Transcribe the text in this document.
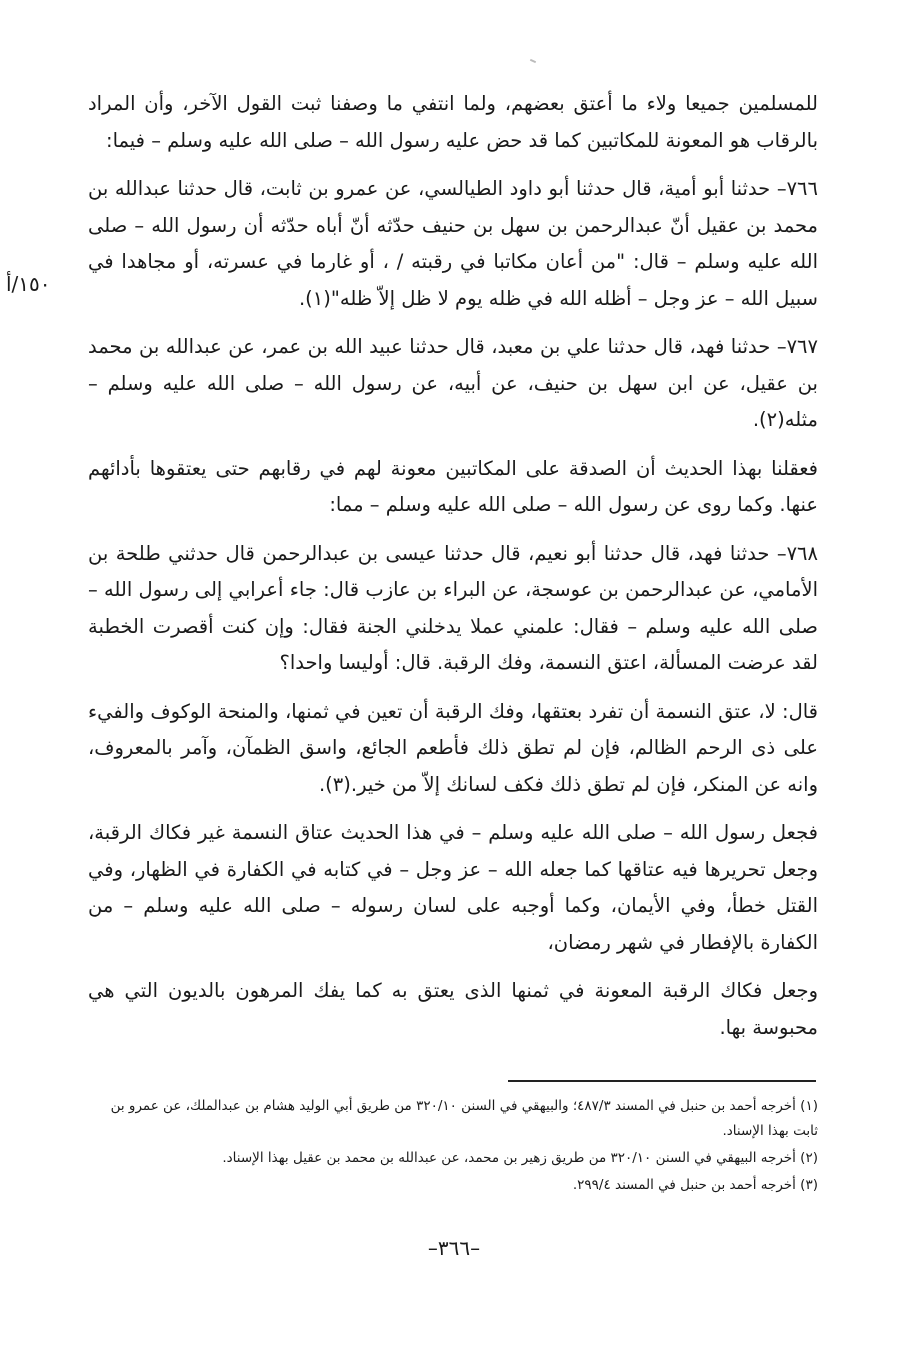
للمسلمين جميعا ولاء ما أعتق بعضهم، ولما انتفي ما وصفنا ثبت القول الآخر، وأن المراد بالرقاب هو المعونة للمكاتبين كما قد حض عليه رسول الله – صلى الله عليه وسلم – فيما:

٧٦٦– حدثنا أبو أمية، قال حدثنا أبو داود الطيالسي، عن عمرو بن ثابت، قال حدثنا عبدالله بن محمد بن عقيل أنّ عبدالرحمن بن سهل بن حنيف حدّثه أنّ أباه حدّثه أن رسول الله – صلى الله عليه وسلم – قال: "من أعان مكاتبا في رقبته / ، أو غارما في عسرته، أو مجاهدا في سبيل الله – عز وجل – أظله الله في ظله يوم لا ظل إلاّ ظله"(١).

٧٦٧– حدثنا فهد، قال حدثنا علي بن معبد، قال حدثنا عبيد الله بن عمر، عن عبدالله بن محمد بن عقيل، عن ابن سهل بن حنيف، عن أبيه، عن رسول الله – صلى الله عليه وسلم – مثله(٢).

فعقلنا بهذا الحديث أن الصدقة على المكاتبين معونة لهم في رقابهم حتى يعتقوها بأدائهم عنها. وكما روى عن رسول الله – صلى الله عليه وسلم – مما:

٧٦٨– حدثنا فهد، قال حدثنا أبو نعيم، قال حدثنا عيسى بن عبدالرحمن قال حدثني طلحة بن الأمامي، عن عبدالرحمن بن عوسجة، عن البراء بن عازب قال: جاء أعرابي إلى رسول الله – صلى الله عليه وسلم – فقال: علمني عملا يدخلني الجنة فقال: وإن كنت أقصرت الخطبة لقد عرضت المسألة، اعتق النسمة، وفك الرقبة. قال: أوليسا واحدا؟

قال: لا، عتق النسمة أن تفرد بعتقها، وفك الرقبة أن تعين في ثمنها، والمنحة الوكوف والفيء على ذى الرحم الظالم، فإن لم تطق ذلك فأطعم الجائع، واسق الظمآن، وآمر بالمعروف، وانه عن المنكر، فإن لم تطق ذلك فكف لسانك إلاّ من خير.(٣).

فجعل رسول الله – صلى الله عليه وسلم – في هذا الحديث عتاق النسمة غير فكاك الرقبة، وجعل تحريرها فيه عتاقها كما جعله الله – عز وجل – في كتابه في الكفارة في الظهار، وفي القتل خطأ، وفي الأيمان، وكما أوجبه على لسان رسوله – صلى الله عليه وسلم – من الكفارة بالإفطار في شهر رمضان،

وجعل فكاك الرقبة المعونة في ثمنها الذى يعتق به كما يفك المرهون بالديون التي هي محبوسة بها.

١٥٠/أ

(١) أخرجه أحمد بن حنبل في المسند ٤٨٧/٣؛ والبيهقي في السنن ٣٢٠/١٠ من طريق أبي الوليد هشام بن عبدالملك، عن عمرو بن ثابت بهذا الإسناد.

(٢) أخرجه البيهقي في السنن ٣٢٠/١٠ من طريق زهير بن محمد، عن عبدالله بن محمد بن عقيل بهذا الإسناد.

(٣) أخرجه أحمد بن حنبل في المسند ٢٩٩/٤.

–٣٦٦–
